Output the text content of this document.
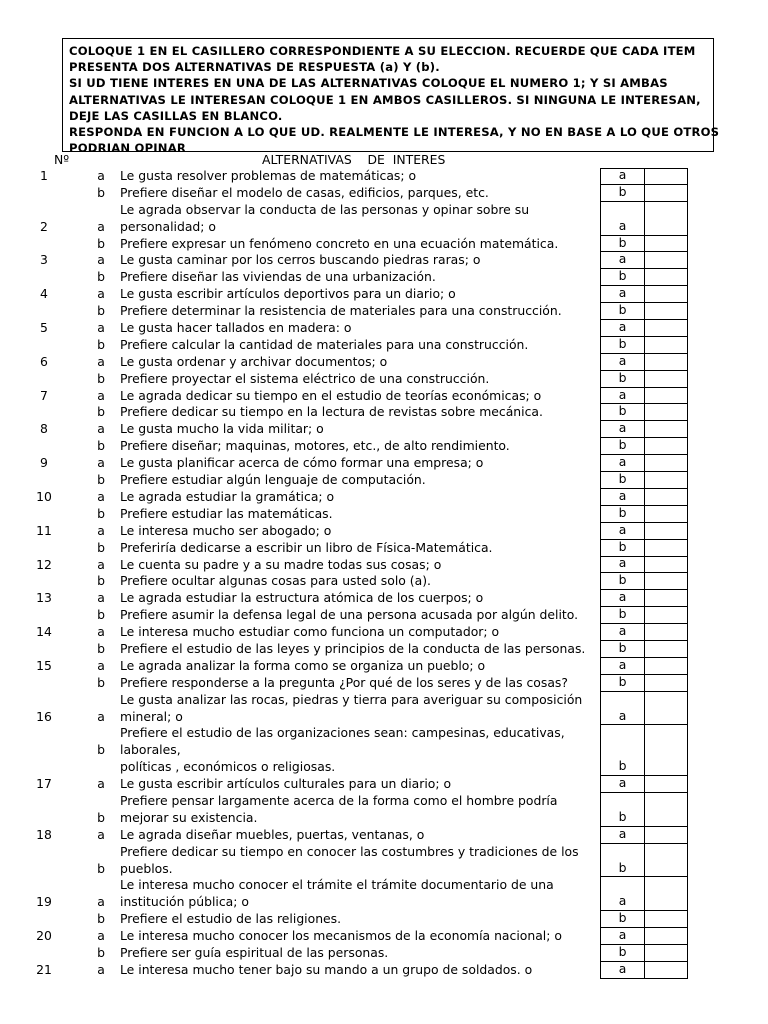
COLOQUE 1 EN EL CASILLERO CORRESPONDIENTE A SU ELECCION. RECUERDE QUE CADA ITEM
PRESENTA DOS ALTERNATIVAS DE RESPUESTA (a) Y (b).
SI UD TIENE INTERES EN UNA DE LAS ALTERNATIVAS COLOQUE EL NUMERO 1; Y SI AMBAS
ALTERNATIVAS LE INTERESAN COLOQUE 1 EN AMBOS CASILLEROS. SI NINGUNA LE INTERESAN,
DEJE LAS CASILLAS EN BLANCO.
RESPONDA EN FUNCION A LO QUE UD. REALMENTE LE INTERESA, Y NO EN BASE A LO QUE OTROS
PODRIAN OPINAR
Nº	ALTERNATIVAS    DE  INTERES
1	a Le gusta resolver problemas de matemáticas; o	a
b Prefiere diseñar el modelo de casas, edificios, parques, etc.	b
2	a
Le agrada observar la conducta de las personas y opinar sobre su
personalidad; o	a
b Prefiere expresar un fenómeno concreto en una ecuación matemática.	b
3	a Le gusta caminar por los cerros buscando piedras raras; o	a
b Prefiere diseñar las viviendas de una urbanización.	b
4	a Le gusta escribir artículos deportivos para un diario; o	a
b Prefiere determinar la resistencia de materiales para una construcción.	b
5	a Le gusta hacer tallados en madera: o	a
b Prefiere calcular la cantidad de materiales para una construcción.	b
6	a Le gusta ordenar y archivar documentos; o	a
b Prefiere proyectar el sistema eléctrico de una construcción.	b
7	a Le agrada dedicar su tiempo en el estudio de teorías económicas; o	a
b Prefiere dedicar su tiempo en la lectura de revistas sobre mecánica.	b
8	a Le gusta mucho la vida militar; o	a
b Prefiere diseñar; maquinas, motores, etc., de alto rendimiento.	b
9	a Le gusta planificar acerca de cómo formar una empresa; o	a
b Prefiere estudiar algún lenguaje de computación.	b
10	a Le agrada estudiar la gramática; o	a
b Prefiere estudiar las matemáticas.	b
11	a Le interesa mucho ser abogado; o	a
b Preferiría dedicarse a escribir un libro de Física-Matemática.	b
12	a Le cuenta su padre y a su madre todas sus cosas; o	a
b Prefiere ocultar algunas cosas para usted solo (a).	b
13	a Le agrada estudiar la estructura atómica de los cuerpos; o	a
b Prefiere asumir la defensa legal de una persona acusada por algún delito.	b
14	a Le interesa mucho estudiar como funciona un computador; o	a
b Prefiere el estudio de las leyes y principios de la conducta de las personas.	b
15	a Le agrada analizar la forma como se organiza un pueblo; o	a
b Prefiere responderse a la pregunta ¿Por qué de los seres y de las cosas?	b
16	a
Le gusta analizar las rocas, piedras y tierra para averiguar su composición
mineral; o	a
b
Prefiere el estudio de las organizaciones sean: campesinas, educativas,
laborales,
políticas , económicos o religiosas.	b
17	a Le gusta escribir artículos culturales para un diario; o	a
b
Prefiere pensar largamente acerca de la forma como el hombre podría
mejorar su existencia.	b
18	a Le agrada diseñar muebles, puertas, ventanas, o	a
b
Prefiere dedicar su tiempo en conocer las costumbres y tradiciones de los
pueblos.	b
19	a
Le interesa mucho conocer el trámite el trámite documentario de una
institución pública; o	a
b Prefiere el estudio de las religiones.	b
20	a Le interesa mucho conocer los mecanismos de la economía nacional; o	a
b Prefiere ser guía espiritual de las personas.	b
21	a Le interesa mucho tener bajo su mando a un grupo de soldados. o	a
